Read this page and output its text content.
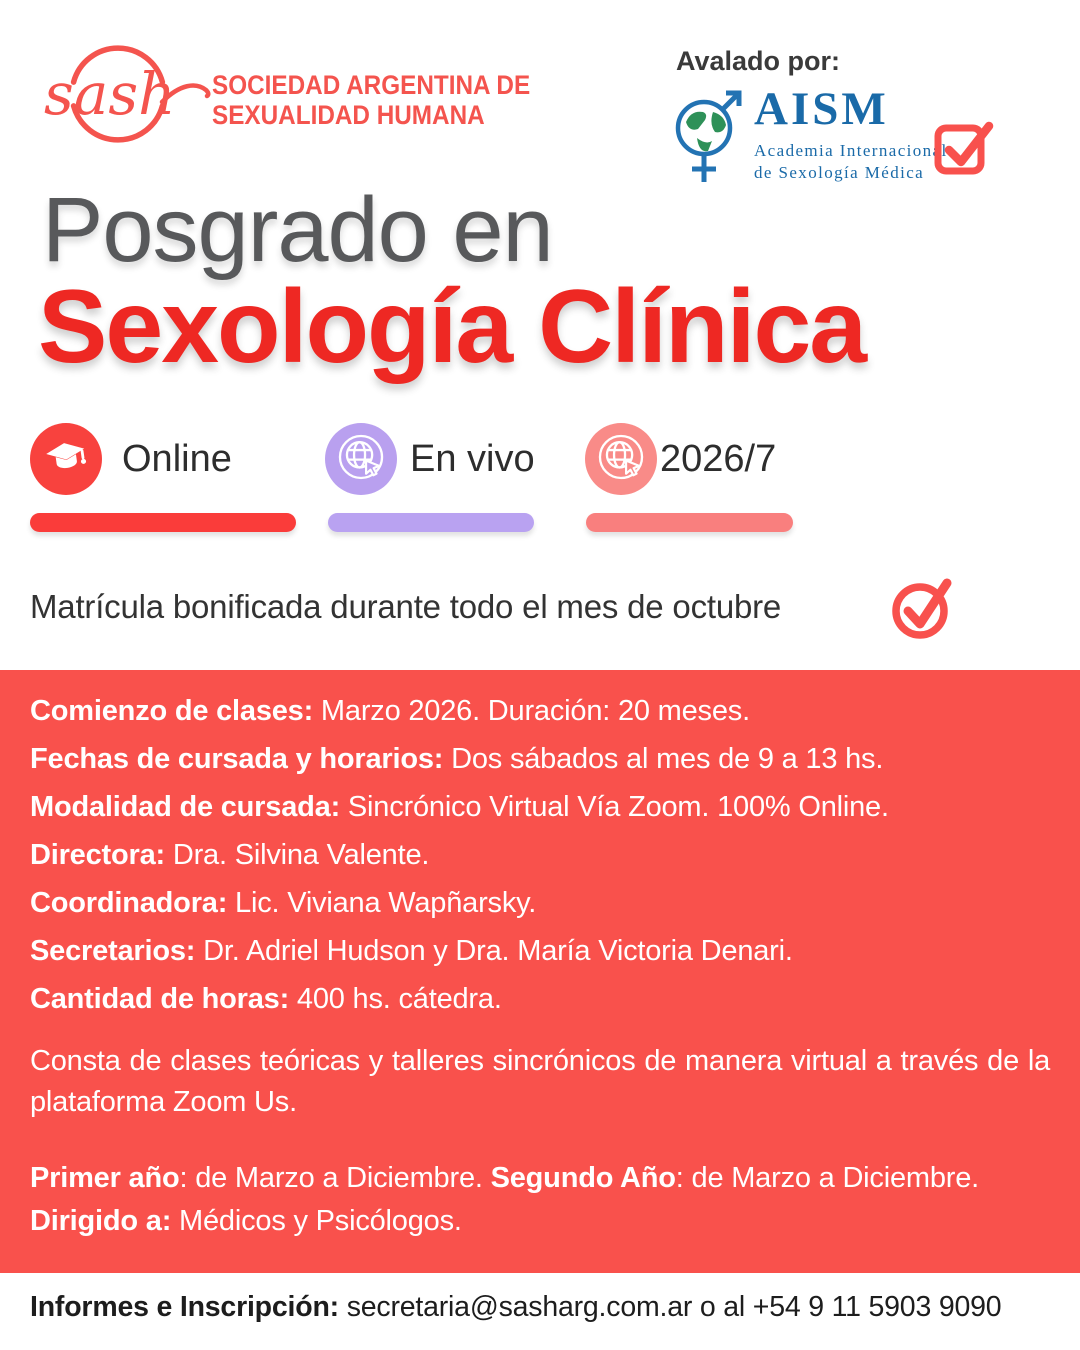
sash SOCIEDAD ARGENTINA DE
SEXUALIDAD HUMANA
Avalado por:
AISM
Academia Internacional
de Sexología Médica
Posgrado en
Sexología Clínica
Online	En vivo	2026/7
Matrícula bonificada durante todo el mes de octubre

Comienzo de clases: Marzo 2026. Duración: 20 meses.

Fechas de cursada y horarios: Dos sábados al mes de 9 a 13 hs.

Modalidad de cursada: Sincrónico Virtual Vía Zoom. 100% Online.

Directora: Dra. Silvina Valente.

Coordinadora: Lic. Viviana Wapñarsky.

Secretarios: Dr. Adriel Hudson y Dra. María Victoria Denari.

Cantidad de horas: 400 hs. cátedra.

Consta de clases teóricas y talleres sincrónicos de manera virtual a través de la plataforma Zoom Us.
Primer año: de Marzo a Diciembre. Segundo Año: de Marzo a Diciembre.
Dirigido a: Médicos y Psicólogos.
Informes e Inscripción: secretaria@sasharg.com.ar o al +54 9 11 5903 9090
